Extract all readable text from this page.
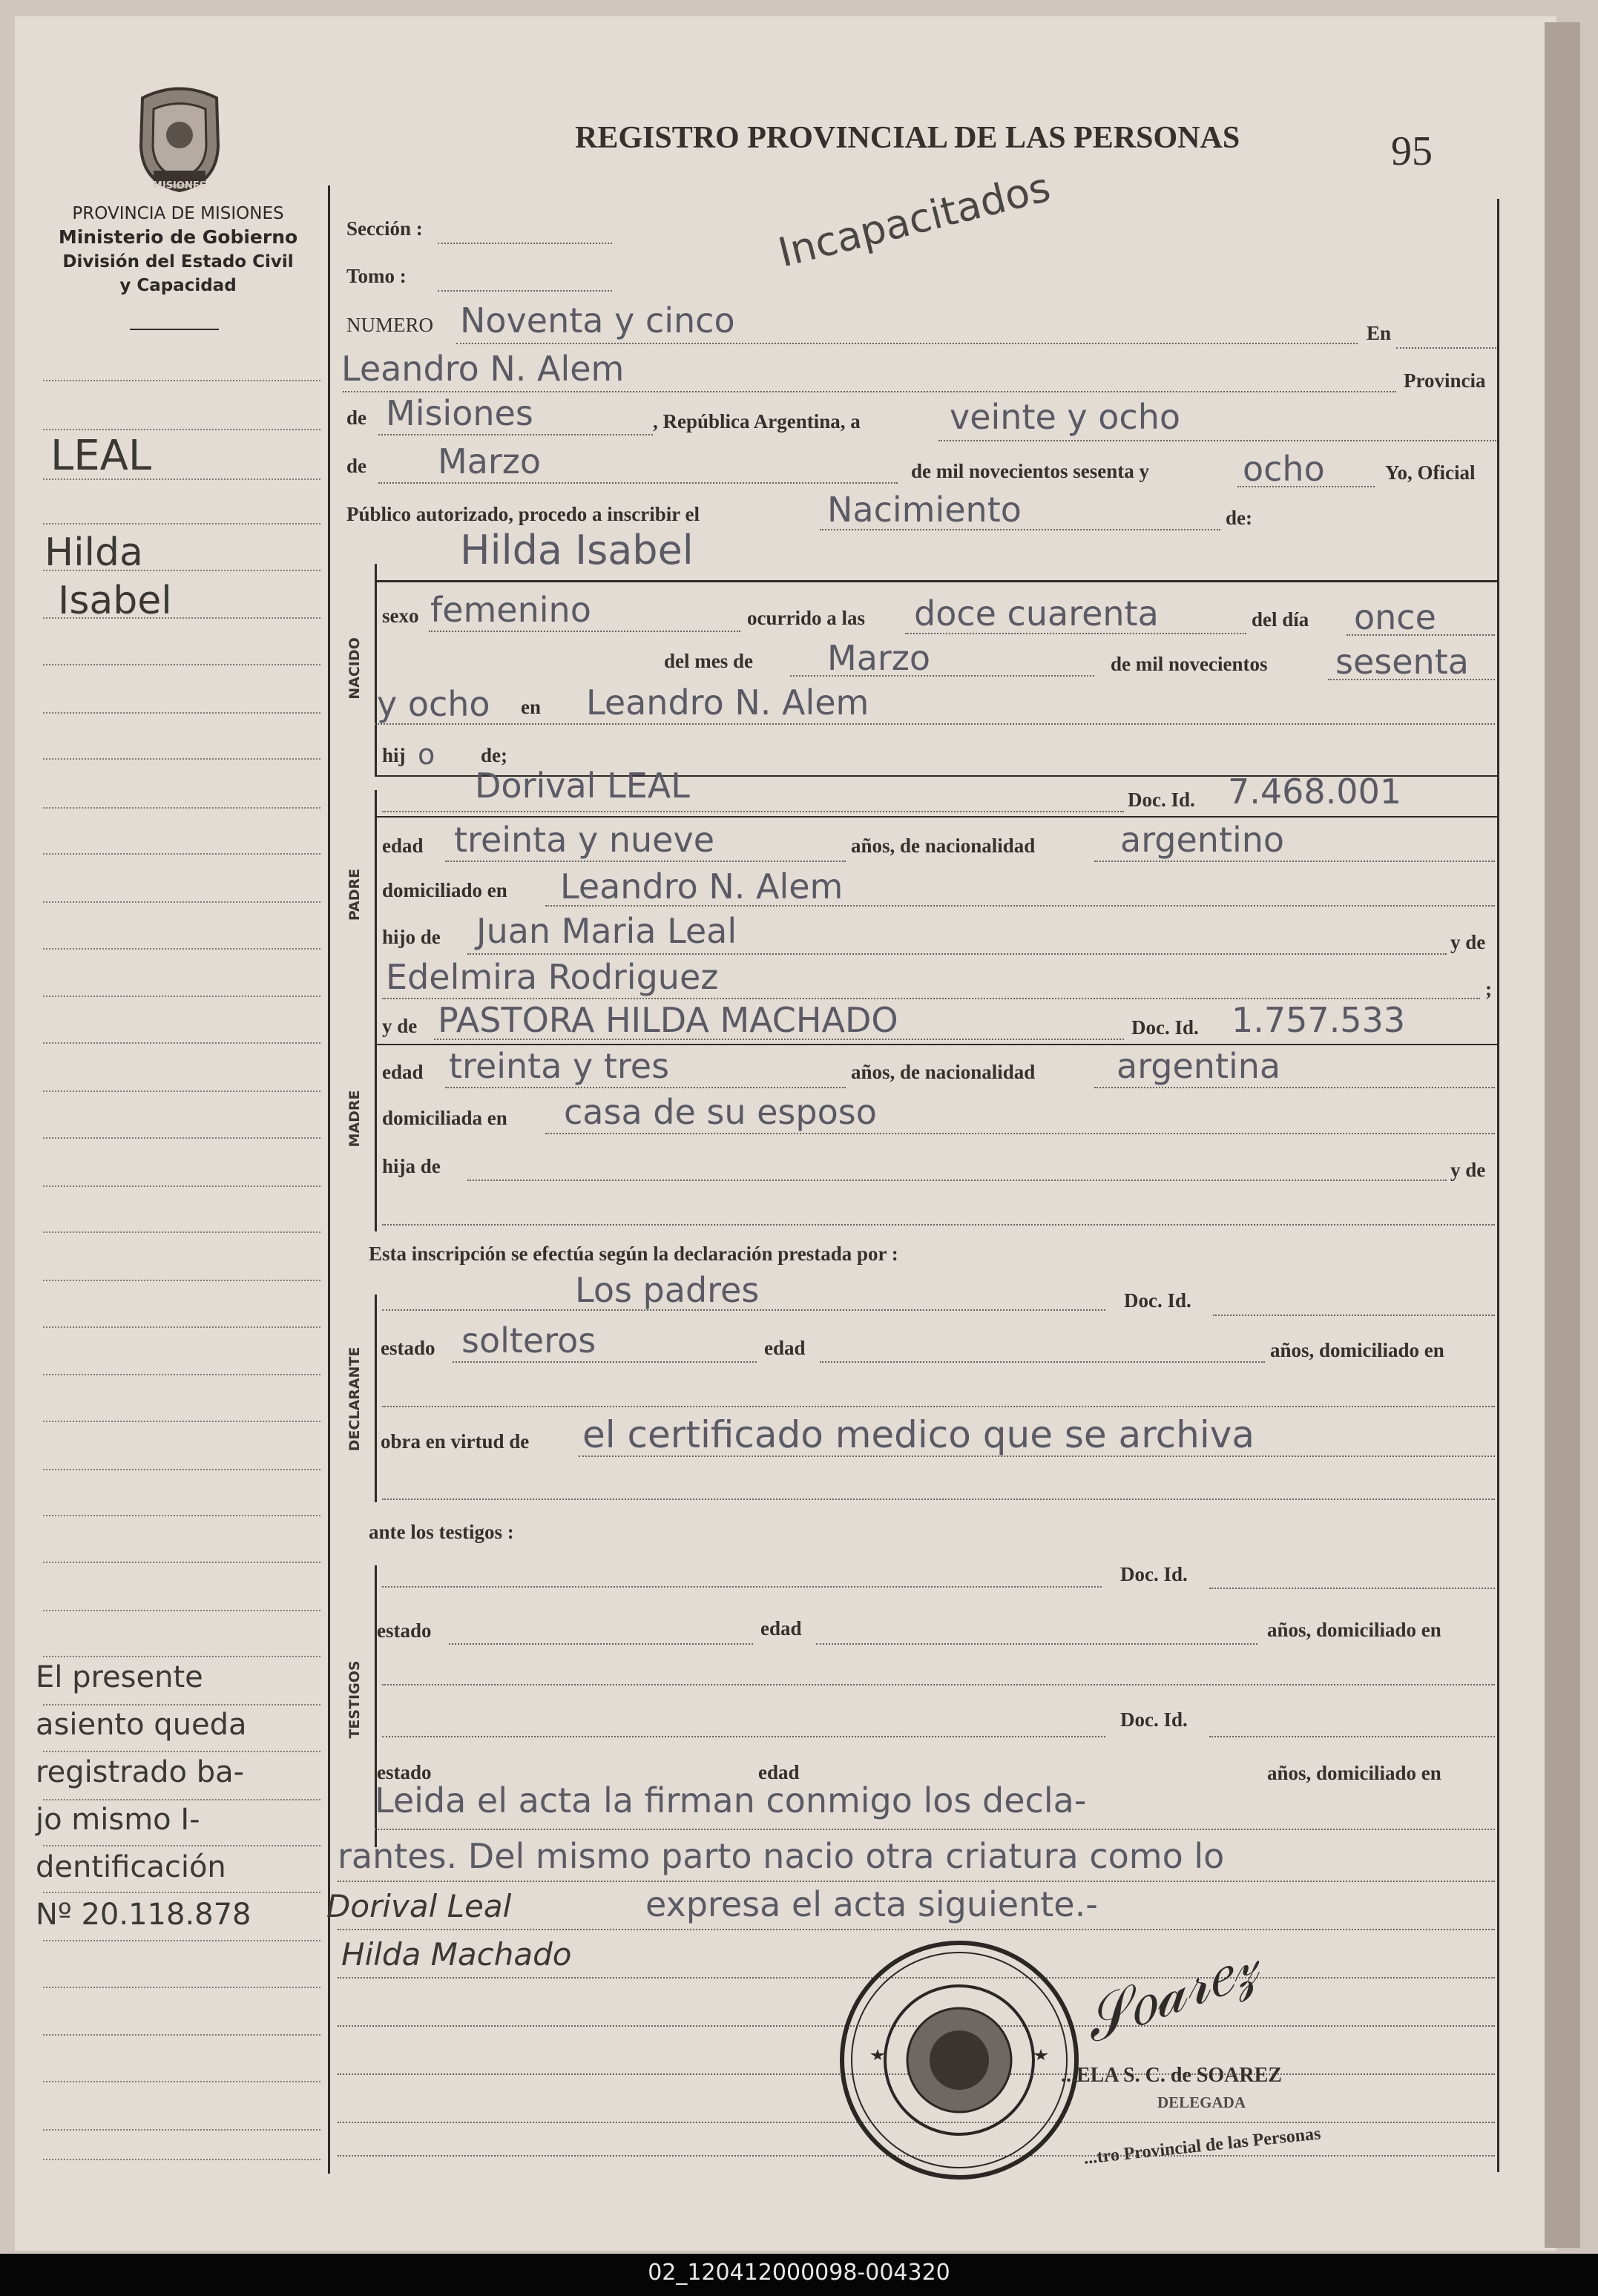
MISIONES
PROVINCIA DE MISIONES
Ministerio de Gobierno
División del Estado Civil
y Capacidad
REGISTRO PROVINCIAL DE LAS PERSONAS	95
Incapacitados
LEAL
Hilda
Isabel
El presente
asiento queda
registrado ba-
jo mismo I-
dentificación
Nº 20.118.878
Sección :
Tomo :
NUMERO Noventa y cinco	En
Leandro N. Alem	Provincia
de Misiones	, República Argentina, a	veinte y ocho
de Marzo	de mil novecientos sesenta y	ocho	Yo, Oficial
Público autorizado, procedo a inscribir el	Nacimiento	de:
NACIDO
Hilda Isabel
sexo femenino	ocurrido a las doce cuarenta	del día once
del mes de Marzo	de mil novecientos sesenta
y ocho en Leandro N. Alem
hij o de;
PADRE
Dorival LEAL	Doc. Id. 7.468.001
edad treinta y nueve	años, de nacionalidad argentino
domiciliado en Leandro N. Alem
hijo de Juan Maria Leal	y de
Edelmira Rodriguez	;
MADRE
y de PASTORA HILDA MACHADO	Doc. Id. 1.757.533
edad treinta y tres	años, de nacionalidad argentina
domiciliada en casa de su esposo
hija de	y de
Esta inscripción se efectúa según la declaración prestada por :
DECLARANTE
Los padres	Doc. Id.
estado solteros	edad	años, domiciliado en
obra en virtud de el certificado medico que se archiva
ante los testigos :
TESTIGOS
Doc. Id.
estado	edad	años, domiciliado en
Doc. Id.
estado	edad	años, domiciliado en
Leida el acta la firman conmigo los decla-
rantes. Del mismo parto nacio otra criatura como lo
expresa el acta siguiente.-
Dorival Leal
Hilda Machado	𝒮𝑜𝒶𝓇𝑒𝓏
...ELA S. C. de SOAREZ
DELEGADA
...tro Provincial de las Personas
02_120412000098-004320
